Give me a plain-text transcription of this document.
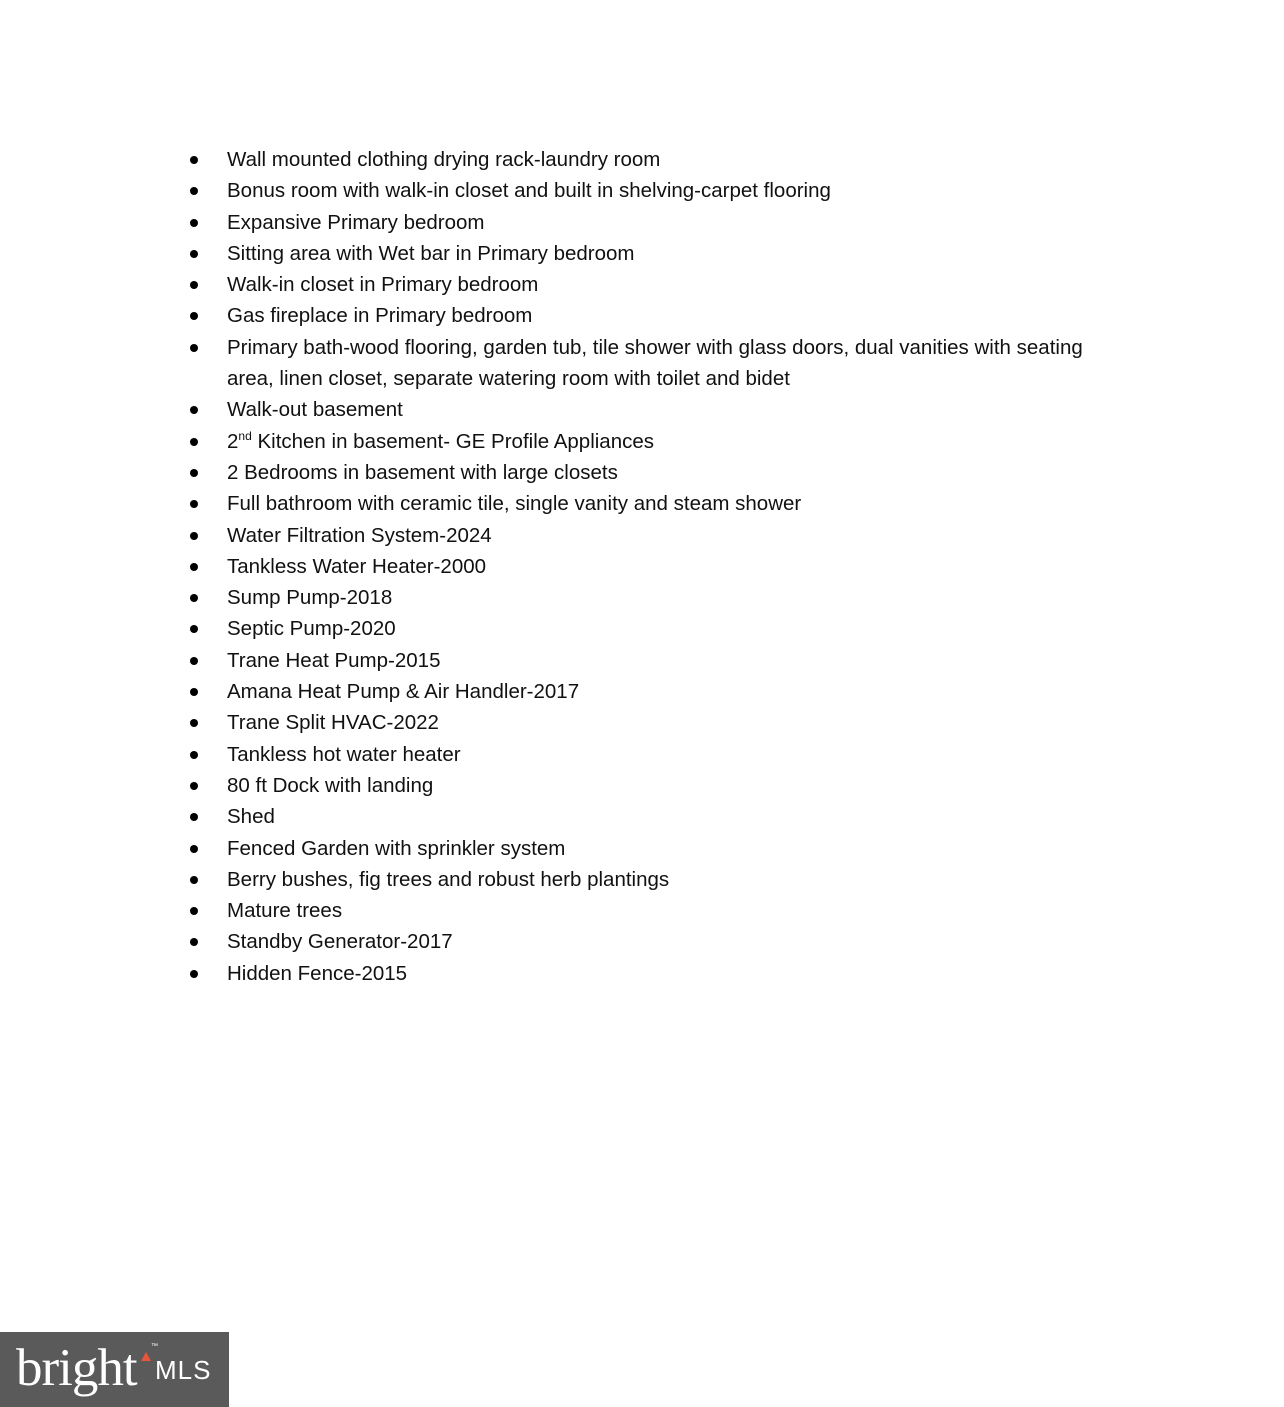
Wall mounted clothing drying rack-laundry room
Bonus room with walk-in closet and built in shelving-carpet flooring
Expansive Primary bedroom
Sitting area with Wet bar in Primary bedroom
Walk-in closet in Primary bedroom
Gas fireplace in Primary bedroom
Primary bath-wood flooring, garden tub, tile shower with glass doors, dual vanities with seating area, linen closet, separate watering room with toilet and bidet
Walk-out basement
2nd Kitchen in basement- GE Profile Appliances
2 Bedrooms in basement with large closets
Full bathroom with ceramic tile, single vanity and steam shower
Water Filtration System-2024
Tankless Water Heater-2000
Sump Pump-2018
Septic Pump-2020
Trane Heat Pump-2015
Amana Heat Pump & Air Handler-2017
Trane Split HVAC-2022
Tankless hot water heater
80 ft Dock with landing
Shed
Fenced Garden with sprinkler system
Berry bushes, fig trees and robust herb plantings
Mature trees
Standby Generator-2017
Hidden Fence-2015
bright ™
MLS
